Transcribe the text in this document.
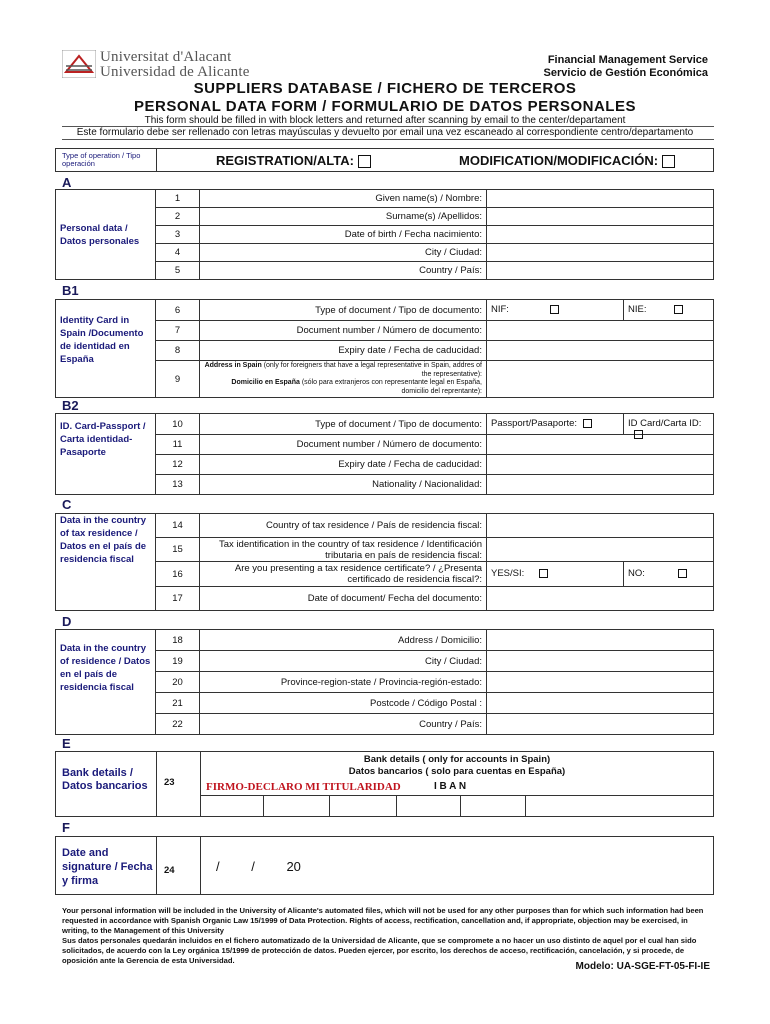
Universitat d'Alacant
Universidad de Alicante
Financial Management Service
Servicio de Gestión Económica
SUPPLIERS DATABASE / FICHERO DE TERCEROS
PERSONAL DATA FORM / FORMULARIO DE DATOS PERSONALES
This form should be filled in with block letters and returned after scanning by email to the center/departament
Este formulario debe ser rellenado con letras mayúsculas y devuelto por email una vez escaneado al correspondiente centro/departamento
Type of operation / Tipo operación	REGISTRATION/ALTA:	MODIFICATION/MODIFICACIÓN:
A
Personal data / Datos personales	1	Given name(s) / Nombre:	
	2	Surname(s) /Apellidos:	
	3	Date of birth / Fecha nacimiento:	
	4	City / Ciudad:	
	5	Country / País:	
B1
Identity Card in Spain /Documento de identidad en España	6	Type of document / Tipo de documento:	NIF: NIE:

	7	Document number / Número de documento:	
	8	Expiry date / Fecha de caducidad:	
	9	Address in Spain (only for foreigners that have a legal representative in Spain, addres of the representative):
Domicilio en España (sólo para extranjeros con representante legal en España, domicilio del reprentante):	
B2
ID. Card-Passport / Carta identidad-Pasaporte	10	Type of document / Tipo de documento:	Passport/Pasaporte: ID Card/Carta ID:

	11	Document number / Número de documento:	
	12	Expiry date / Fecha de caducidad:	
	13	Nationality / Nacionalidad:	
C
Data in the country of tax residence / Datos en el país de residencia fiscal	14	Country of tax residence / País de residencia fiscal:	
	15	Tax identification in the country of tax residence / Identificación tributaria en país de residencia fiscal:	
	16	Are you presenting a tax residence certificate? / ¿Presenta certificado de residencia fiscal?:	YES/SI: NO:

	17	Date of document/ Fecha del documento:	
D
Data in the country of residence / Datos en el país de residencia fiscal	18	Address / Domicilio:	
	19	City / Ciudad:	
	20	Province-region-state / Provincia-región-estado:	
	21	Postcode / Código Postal :	
	22	Country / País:	
E
Bank details / Datos bancarios	23
Bank details ( only for accounts in Spain)
Datos bancarios ( solo para cuentas en España)
FIRMO-DECLARO MI TITULARIDAD	I B A N
F
Date and signature / Fecha y firma
24	/ / 20
Your personal information will be included in the University of Alicante's automated files, which will not be used for any other purposes than for which such information had been requested in accordance with Spanish Organic Law 15/1999 of Data Protection. Rights of access, rectification, cancellation and, if appropriate, objection may be exercised, in writing, to the Management of this University
Sus datos personales quedarán incluidos en el fichero automatizado de la Universidad de Alicante, que se compromete a no hacer un uso distinto de aquel por el cual han sido solicitados, de acuerdo con la Ley orgánica 15/1999 de protección de datos. Pueden ejercer, por escrito, los derechos de acceso, rectificación, cancelación, y si procede, de oposición ante la Gerencia de esta Universidad.
Modelo: UA-SGE-FT-05-FI-IE
